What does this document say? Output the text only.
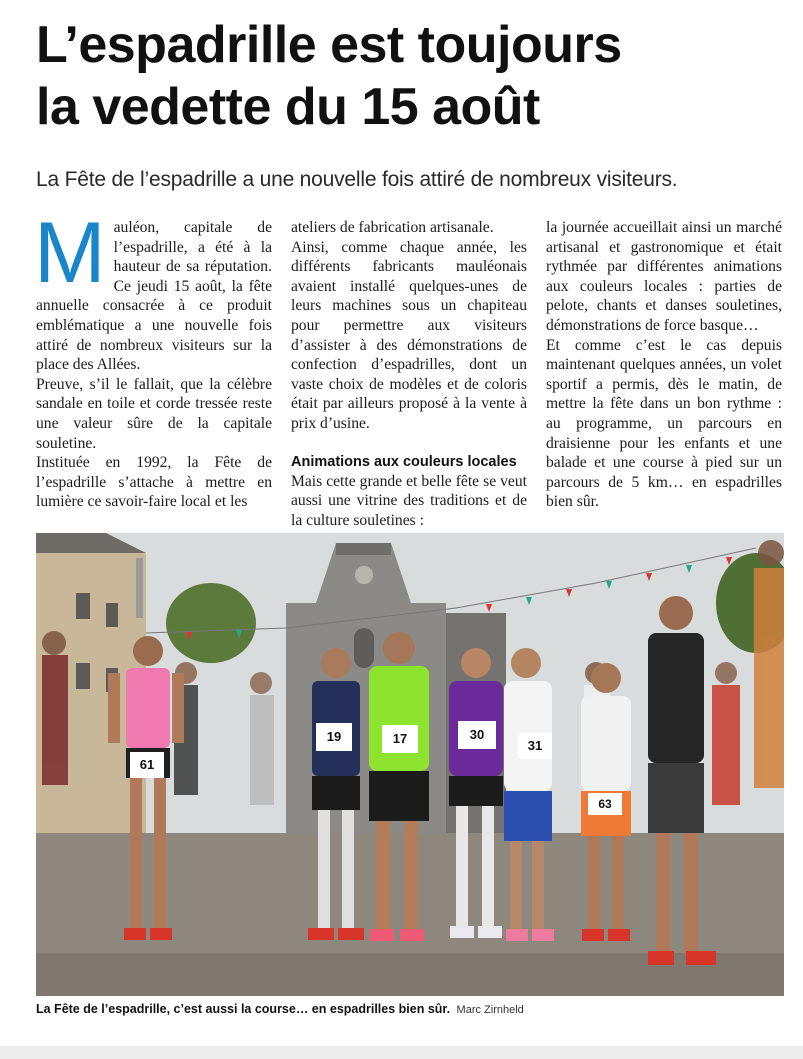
L’espadrille est toujours
la vedette du 15 août
La Fête de l’espadrille a une nouvelle fois attiré de nombreux visiteurs.

Mauléon, capitale de l’espadrille, a été à la hauteur de sa réputation. Ce jeudi 15 août, la fête annuelle consacrée à ce produit emblématique a une nouvelle fois attiré de nombreux visiteurs sur la place des Allées.

Preuve, s’il le fallait, que la célèbre sandale en toile et corde tressée reste une valeur sûre de la capitale souletine.

Instituée en 1992, la Fête de l’espadrille s’attache à mettre en lumière ce savoir-faire local et les

ateliers de fabrication artisanale.

Ainsi, comme chaque année, les différents fabricants mauléonais avaient installé quelques-unes de leurs machines sous un chapiteau pour permettre aux visiteurs d’assister à des démonstrations de confection d’espadrilles, dont un vaste choix de modèles et de coloris était par ailleurs proposé à la vente à prix d’usine.

Animations aux couleurs locales

Mais cette grande et belle fête se veut aussi une vitrine des traditions et de la culture souletines :

la journée accueillait ainsi un marché artisanal et gastronomique et était rythmée par différentes animations aux couleurs locales : parties de pelote, chants et danses souletines, démonstrations de force basque…

Et comme c’est le cas depuis maintenant quelques années, un volet sportif a permis, dès le matin, de mettre la fête dans un bon rythme : au programme, un parcours en draisienne pour les enfants et une balade et une course à pied sur un parcours de 5 km… en espadrilles bien sûr.

61
19	17	30
31
63
La Fête de l’espadrille, c’est aussi la course… en espadrilles bien sûr. Marc Zirnheld
